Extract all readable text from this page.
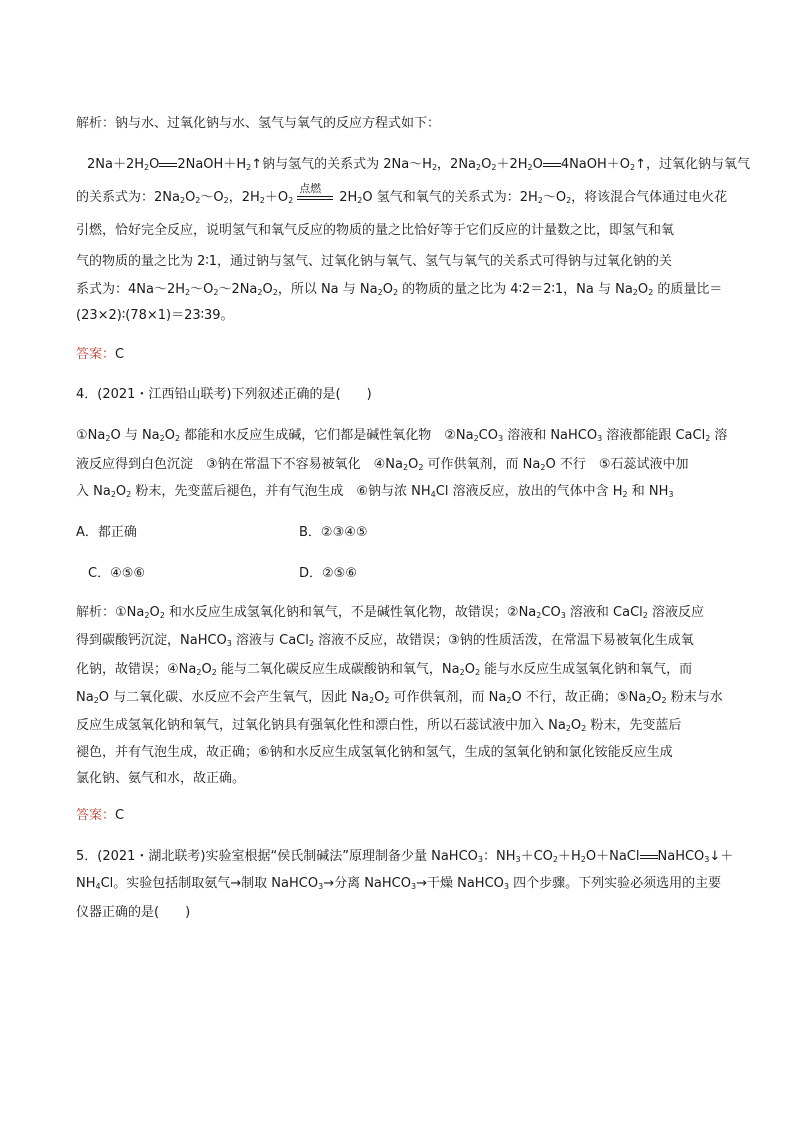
解析：钠与水、过氧化钠与水、氢气与氧气的反应方程式如下：
$2Na+2H_2O$ $2NaOH+H_2↑$钠与氢气的关系式为 $2Na\sim H_2$，$2Na_2O_2+2H_2O$ $4NaOH+O_2↑$，过氧化钠与氧气
的关系式为：$2Na_2O_2\sim O_2$，$2H_2+O_2$
点燃
$2H_2O$ 氢气和氧气的关系式为：$2H_2\sim O_2$，将该混合气体通过电火花
引燃，恰好完全反应，说明氢气和氧气反应的物质的量之比恰好等于它们反应的计量数之比，即氢气和氧
气的物质的量之比为 2∶1，通过钠与氢气、过氧化钠与氧气、氢气与氧气的关系式可得钠与过氧化钠的关
系式为：$4Na\sim 2H_2\sim O_2\sim 2Na_2O_2$，所以 Na 与 $Na_2O_2$ 的物质的量之比为 4∶2＝2∶1，Na 与 $Na_2O_2$ 的质量比＝
(23×2)∶(78×1)＝23∶39。
答案：C
4．(2021・江西铅山联考)下列叙述正确的是(　　)
$①Na_2O$ 与 $Na_2O_2$ 都能和水反应生成碱，它们都是碱性氧化物　$②Na_2CO_3$ 溶液和 NaHCO$_3$ 溶液都能跟 CaCl$_2$ 溶
液反应得到白色沉淀　③钠在常温下不容易被氧化　$④Na_2O_2$ 可作供氧剂，而 $Na_2O$ 不行　⑤石蕊试液中加
入 $Na_2O_2$ 粉末，先变蓝后褪色，并有气泡生成　⑥钠与浓 $NH_4Cl$ 溶液反应，放出的气体中含 $H_2$ 和 $NH_3$
A．都正确	B．②③④⑤
C．④⑤⑥	D．②⑤⑥
解析：$①Na_2O_2$ 和水反应生成氢氧化钠和氧气，不是碱性氧化物，故错误；$②Na_2CO_3$ 溶液和 CaCl$_2$ 溶液反应
得到碳酸钙沉淀，NaHCO$_3$ 溶液与 CaCl$_2$ 溶液不反应，故错误；③钠的性质活泼，在常温下易被氧化生成氧
化钠，故错误；$④Na_2O_2$ 能与二氧化碳反应生成碳酸钠和氧气，$Na_2O_2$ 能与水反应生成氢氧化钠和氧气，而
$Na_2O$ 与二氧化碳、水反应不会产生氧气，因此 $Na_2O_2$ 可作供氧剂，而 $Na_2O$ 不行，故正确；$⑤Na_2O_2$ 粉末与水
反应生成氢氧化钠和氧气，过氧化钠具有强氧化性和漂白性，所以石蕊试液中加入 $Na_2O_2$ 粉末，先变蓝后
褪色，并有气泡生成，故正确；⑥钠和水反应生成氢氧化钠和氢气，生成的氢氧化钠和氯化铵能反应生成
氯化钠、氨气和水，故正确。
答案：C
5．(2021・湖北联考)实验室根据“侯氏制碱法”原理制备少量 NaHCO$_3$：$NH_3+CO_2+H_2O+NaCl$ NaHCO$_3$↓＋
$NH_4Cl$。实验包括制取氨气→制取 NaHCO$_3$→分离 NaHCO$_3$→干燥 NaHCO$_3$ 四个步骤。下列实验必须选用的主要
仪器正确的是(　　)
